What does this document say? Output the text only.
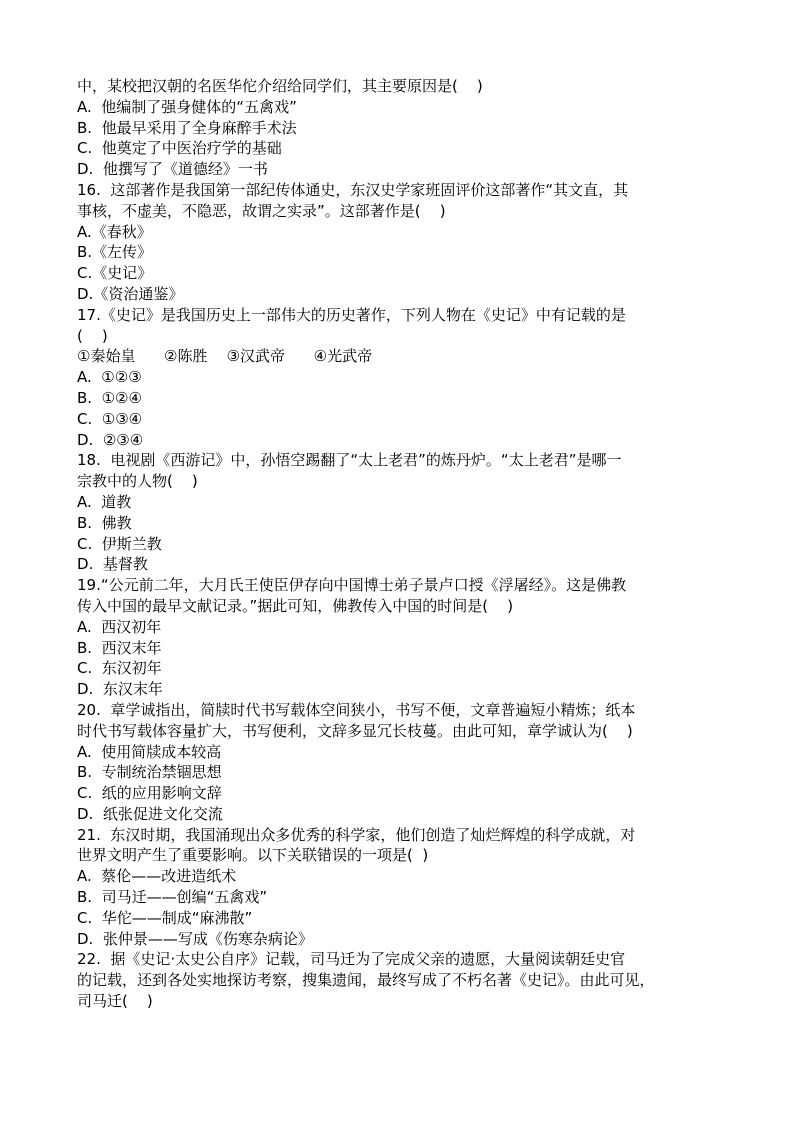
中，某校把汉朝的名医华佗介绍给同学们，其主要原因是(    )
A.  他编制了强身健体的“五禽戏”
B.  他最早采用了全身麻醉手术法
C.  他奠定了中医治疗学的基础
D.  他撰写了《道德经》一书
16.  这部著作是我国第一部纪传体通史，东汉史学家班固评价这部著作“其文直，其
事核，不虚美，不隐恶，故谓之实录”。这部著作是(    )
A.《春秋》
B.《左传》
C.《史记》
D.《资治通鉴》
17.《史记》是我国历史上一部伟大的历史著作，下列人物在《史记》中有记载的是
(    )
①秦始皇      ②陈胜    ③汉武帝      ④光武帝
A.  ①②③
B.  ①②④
C.  ①③④
D.  ②③④
18.  电视剧《西游记》中，孙悟空踢翻了“太上老君”的炼丹炉。“太上老君”是哪一
宗教中的人物(    )
A.  道教
B.  佛教
C.  伊斯兰教
D.  基督教
19.“公元前二年，大月氏王使臣伊存向中国博士弟子景卢口授《浮屠经》。这是佛教
传入中国的最早文献记录。”据此可知，佛教传入中国的时间是(    )
A.  西汉初年
B.  西汉末年
C.  东汉初年
D.  东汉末年
20.  章学诚指出，简牍时代书写载体空间狭小，书写不便，文章普遍短小精炼；纸本
时代书写载体容量扩大，书写便利，文辞多显冗长枝蔓。由此可知，章学诚认为(    )
A.  使用简牍成本较高
B.  专制统治禁锢思想
C.  纸的应用影响文辞
D.  纸张促进文化交流
21.  东汉时期，我国涌现出众多优秀的科学家，他们创造了灿烂辉煌的科学成就，对
世界文明产生了重要影响。以下关联错误的一项是(  )
A.  蔡伦——改进造纸术
B.  司马迁——创编“五禽戏”
C.  华佗——制成“麻沸散”
D.  张仲景——写成《伤寒杂病论》
22.  据《史记·太史公自序》记载，司马迁为了完成父亲的遗愿，大量阅读朝廷史官
的记载，还到各处实地探访考察，搜集遗闻，最终写成了不朽名著《史记》。由此可见，
司马迁(    )
